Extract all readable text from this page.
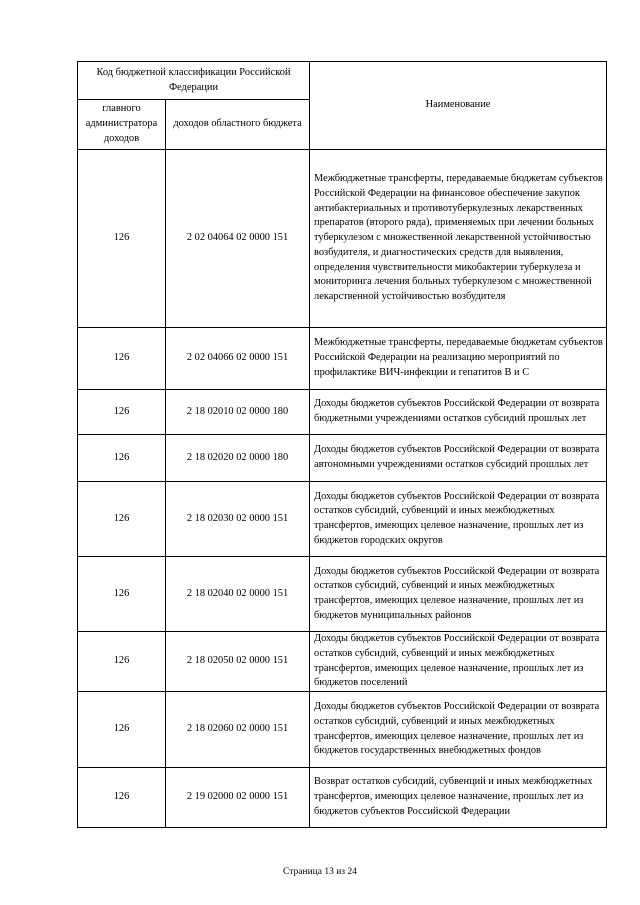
Код бюджетной классификации Российской Федерации		Наименование
главного администратора доходов	доходов областного бюджета	
126	2 02 04064 02 0000 151	Межбюджетные трансферты, передаваемые бюджетам субъектов Российской Федерации на финансовое обеспечение закупок антибактериальных и противотуберкулезных лекарственных препаратов (второго ряда), применяемых при лечении больных туберкулезом с множественной лекарственной устойчивостью возбудителя, и диагностических средств для выявления, определения чувствительности микобактерии туберкулеза и мониторинга лечения больных туберкулезом с множественной лекарственной устойчивостью возбудителя
126	2 02 04066 02 0000 151	Межбюджетные трансферты, передаваемые бюджетам субъектов Российской Федерации на реализацию мероприятий по профилактике ВИЧ-инфекции и гепатитов В и С
126	2 18 02010 02 0000 180	Доходы бюджетов субъектов Российской Федерации от возврата бюджетными учреждениями остатков субсидий прошлых лет
126	2 18 02020 02 0000 180	Доходы бюджетов субъектов Российской Федерации от возврата автономными учреждениями остатков субсидий прошлых лет
126	2 18 02030 02 0000 151	Доходы бюджетов субъектов Российской Федерации от возврата остатков субсидий, субвенций и иных межбюджетных трансфертов, имеющих целевое назначение, прошлых лет из бюджетов городских округов
126	2 18 02040 02 0000 151	Доходы бюджетов субъектов Российской Федерации от возврата остатков субсидий, субвенций и иных межбюджетных трансфертов, имеющих целевое назначение, прошлых лет из бюджетов муниципальных районов
126	2 18 02050 02 0000 151	Доходы бюджетов субъектов Российской Федерации от возврата остатков субсидий, субвенций и иных межбюджетных трансфертов, имеющих целевое назначение, прошлых лет из бюджетов поселений
126	2 18 02060 02 0000 151	Доходы бюджетов субъектов Российской Федерации от возврата остатков субсидий, субвенций и иных межбюджетных трансфертов, имеющих целевое назначение, прошлых лет из бюджетов государственных внебюджетных фондов
126	2 19 02000 02 0000 151	Возврат остатков субсидий, субвенций и иных межбюджетных трансфертов, имеющих целевое назначение, прошлых лет из бюджетов субъектов Российской Федерации
Страница 13 из 24
